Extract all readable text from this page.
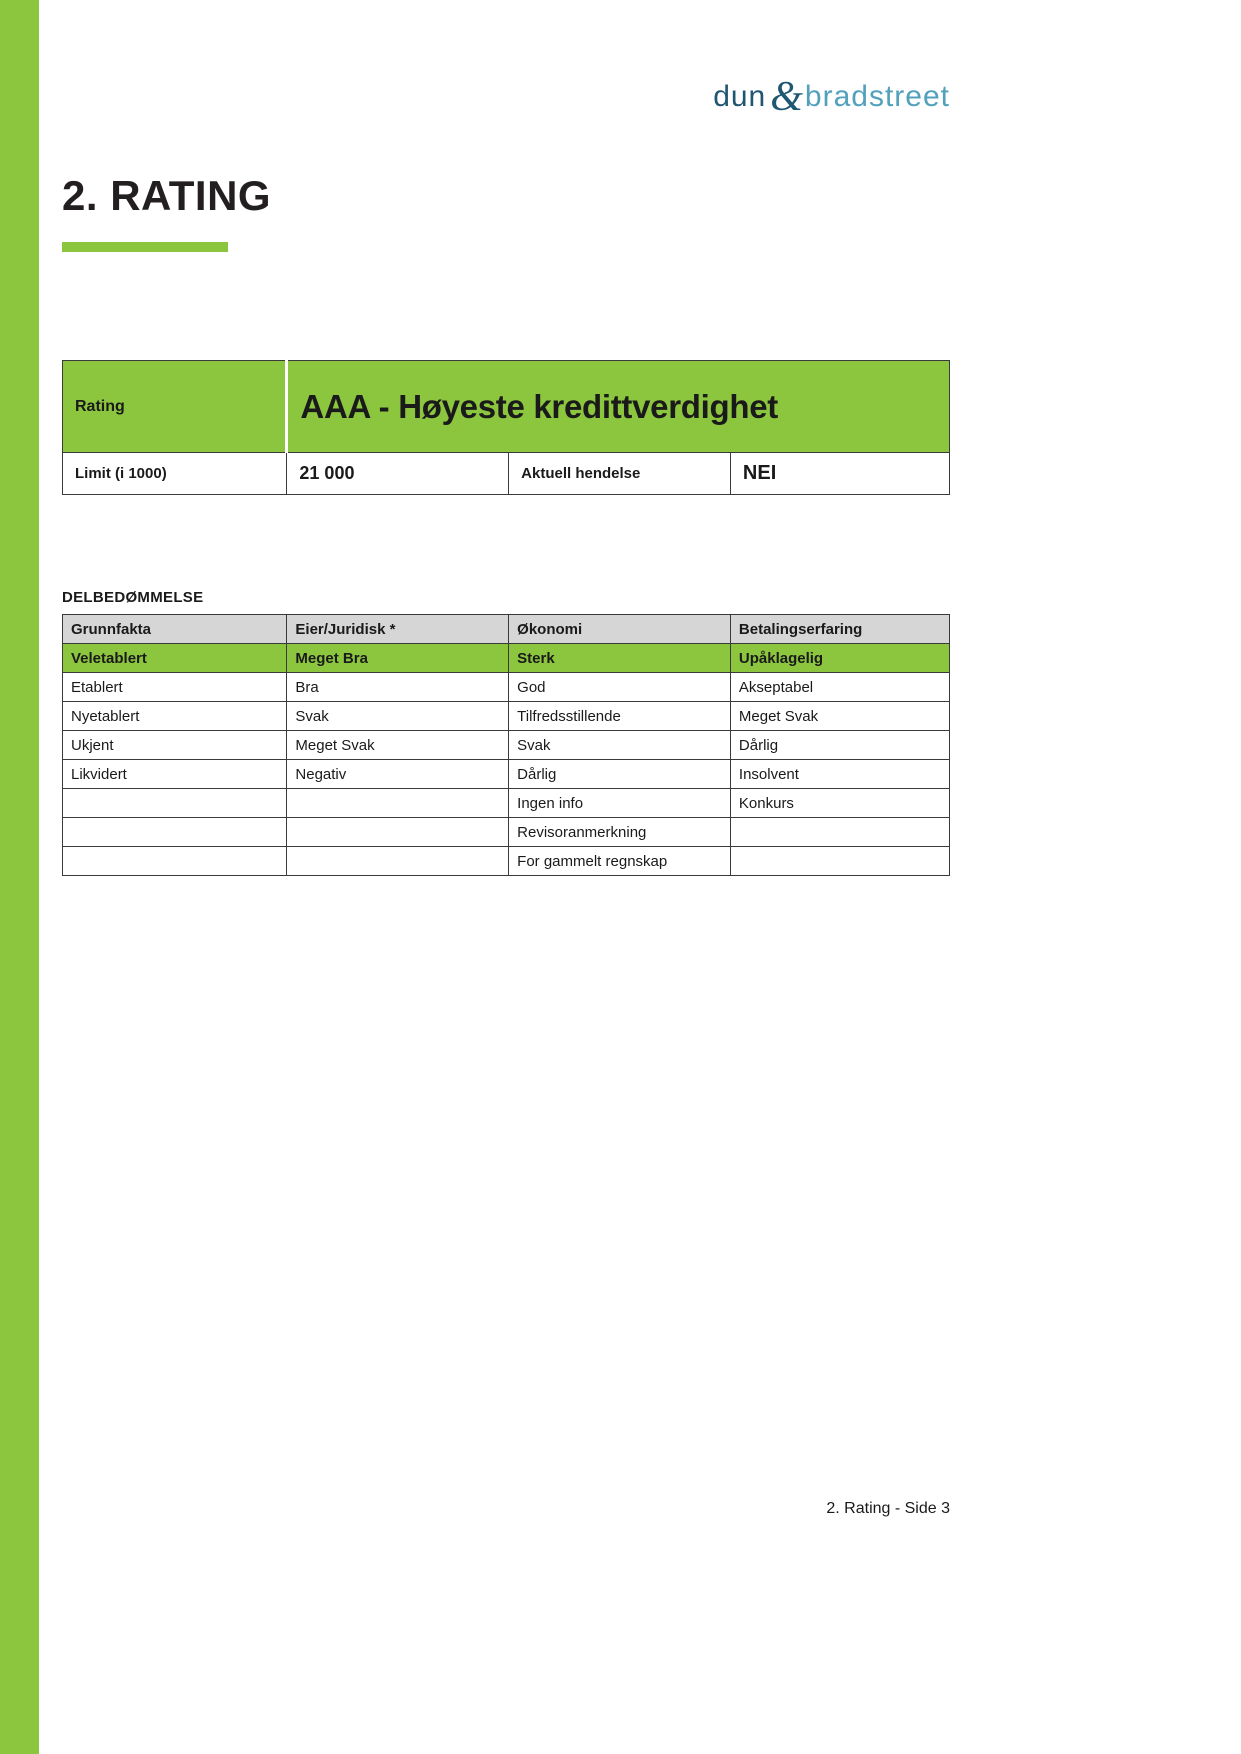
dun&bradstreet
2. RATING
Rating	AAA - Høyeste kredittverdighet		
Limit (i 1000)	21 000	Aktuell hendelse	NEI
DELBEDØMMELSE
Grunnfakta	Eier/Juridisk *	Økonomi	Betalingserfaring
Veletablert	Meget Bra	Sterk	Upåklagelig
Etablert	Bra	God	Akseptabel
Nyetablert	Svak	Tilfredsstillende	Meget Svak
Ukjent	Meget Svak	Svak	Dårlig
Likvidert	Negativ	Dårlig	Insolvent
		Ingen info	Konkurs
		Revisoranmerkning	
		For gammelt regnskap	
2. Rating - Side 3
